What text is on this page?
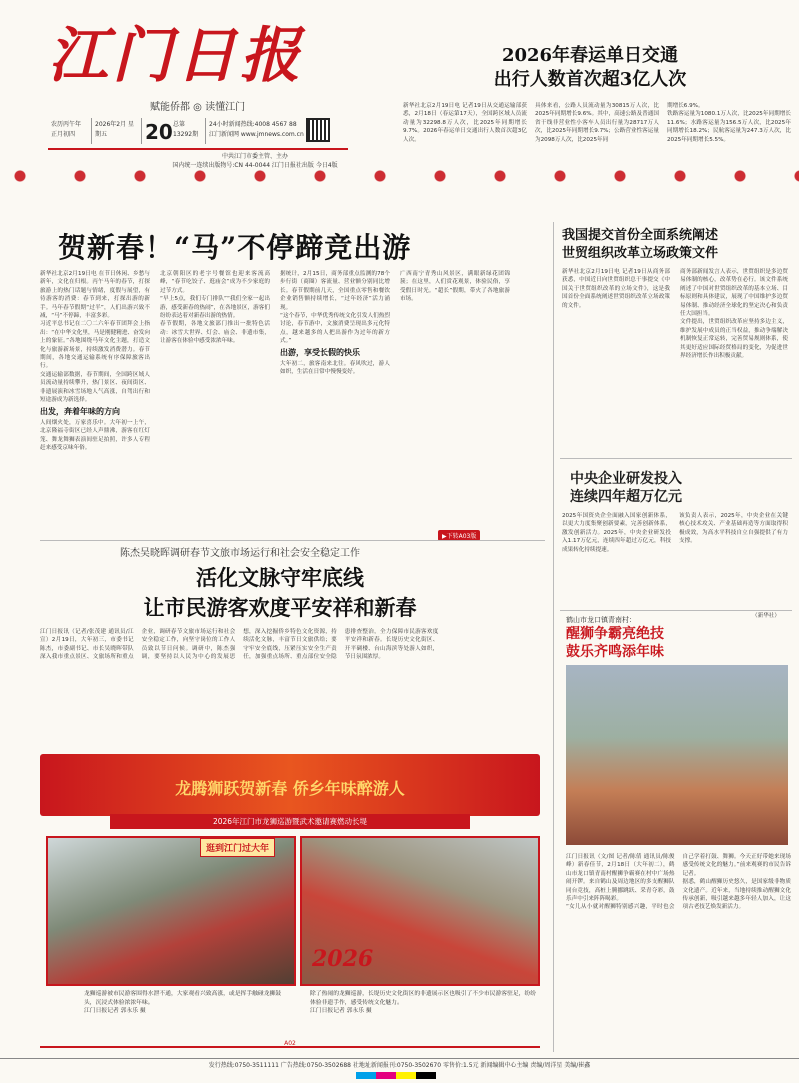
江门日报
赋能侨都 ◎ 读懂江门
农历丙午年 正月初四
2026年2月 星期五	20 总第 13292期
24小时新闻热线:4008 4567 88
江门新闻网 www.jmnews.com.cn
中共江门市委主管、主办
国内统一连续出版物号:CN 44-0044 江门日报社出版 今日4版
2026年春运单日交通
出行人数首次超3亿人次
新华社北京2月19日电 记者19日从交通运输部获悉，2月18日（春运第17天），全国跨区域人员流动量为32298.8万人次，比2025年同期增长9.7%。2026年春运单日交通出行人数首次超3亿人次。
具体来看，公路人员流动量为30815万人次，比2025年同期增长9.6%。其中，高速公路及普通国省干线非营业性小客车人员出行量为28717万人次，比2025年同期增长9.7%；公路营业性客运量为2098万人次，比2025年同
期增长6.9%。
铁路客运量为1080.1万人次，比2025年同期增长11.6%；水路客运量为156.5万人次，比2025年同期增长18.2%；民航客运量为247.3万人次，比2025年同期增长5.5%。
贺新春！“马”不停蹄竞出游

新华社北京2月19日电 在节日休闲、乡愁与新年，文化在归根。丙午马年的春节，打探旅游上的热门话题与情绪，度假与展望，有待游客的消费：春节到来，打探出游的新手。马年春节假期“过半”，人们出游兴致不减，“马”不停蹄，丰富多彩。

习近平总书记在二〇二六年春节团拜会上指出：“在中华文化里，马是刚健精进、奋发向上的象征。”各地围绕马年文化主题，打造文化与旅游新场景，持续激发消费潜力。春节期间，各地交通运输系统有序保障旅客出行。

交通运输部数据，春节期间，全国跨区域人员流动量持续攀升，热门景区、夜间街区、非遗展演和冰雪场地人气高涨，自驾出行和短途游成为新选择。

出发，奔着年味的方向

人间烟火处，万家喜乐中。大年初一上午，北京隆福寺街区已经人声鼎沸，游客在红灯笼、舞龙舞狮表演间驻足拍照，许多人专程赶来感受京味年俗。

北京朝阳区的老字号餐馆也迎来客流高峰，“春节吃饺子、逛庙会”成为不少家庭的过节方式。

“早上5点，我们专门排队”“我们全家一起出游，感受新春的热闹”，在各地景区，游客们纷纷表达着对新春出游的热情。

春节假期，各地文旅部门推出一批特色活动：冰雪大世界、灯会、庙会、非遗市集，让游客在体验中感受浓浓年味。

据统计，2月15日，商务部重点监测的78个步行街（商圈）客流量、营业额分别同比增长。春节假期前几天，全国重点零售和餐饮企业销售额持续增长，“过年经济”活力涌现。

“这个春节，中华优秀传统文化引发人们热烈讨论，春节游中，文旅消费呈现出多元化特点，越来越多的人把出游作为过年的新方式。”

出游，享受长假的快乐

大年初二，旅客南来北往。春风吹过，游人如织，生活在日常中慢慢变好。

广西南宁青秀山风景区，满眼新绿花团锦簇；在这里，人们赏花观景，体验民俗，享受假日时光。“超长”假期，带火了各地旅游市场。

▶下转A03版
我国提交首份全面系统阐述
世贸组织改革立场政策文件
新华社北京2月19日电 记者19日从商务部获悉，中国近日向世贸组织总干事提交《中国关于世贸组织改革的立场文件》，这是我国首份全面系统阐述世贸组织改革立场政策的文件。
商务部新闻发言人表示，世贸组织是多边贸易体制的核心，改革势在必行。该文件系统阐述了中国对世贸组织改革的基本立场、目标原则和具体建议，展现了中国维护多边贸易体制、推动经济全球化的坚定决心和负责任大国担当。
文件提出，世贸组织改革应坚持多边主义，维护发展中成员的正当权益，推动争端解决机制恢复正常运转，完善贸易规则体系，使其更好适应国际经贸格局的变化，为促进世界经济增长作出积极贡献。
中央企业研发投入
连续四年超万亿元
2025年国资央企全面融入国家创新体系，以更大力度集聚创新要素，完善创新体系，激发创新活力。2025年，中央企业研发投入1.17万亿元，连续四年超过万亿元，科技成果转化持续提速。
该负责人表示，2025年，中央企业在关键核心技术攻关、产业基础再造等方面取得积极成效，为高水平科技自立自强提供了有力支撑。
（新华社）
陈杰吴晓晖调研春节文旅市场运行和社会安全稳定工作
活化文脉守牢底线
让市民游客欢度平安祥和新春
江门日报讯（记者/张茂建 通讯员/江宣）2月19日，大年初三，市委书记陈杰，市委副书记、市长吴晓晖带队深入我市重点景区、文旅场所和重点企业，调研春节文旅市场运行和社会安全稳定工作，向坚守岗位的工作人员致以节日问候。调研中，陈杰强调，要坚持以人民为中心的发展思想，深入挖掘侨乡特色文化资源，持续活化文脉，丰富节日文旅供给；要守牢安全底线，压紧压实安全生产责任，加强重点场所、重点部位安全隐患排查整治，全力保障市民游客欢度平安祥和新春。长堤历史文化街区、开平碉楼、台山海滨等处游人如织，节日氛围浓厚。
鹤山市龙口镇青南村：
醒狮争霸亮绝技
鼓乐齐鸣添年味
江门日报讯（文/图 记者/陈倩 通讯员/陈俊峰）新春佳节，2月18日（大年初二），鹤山市龙口镇青南村醒狮争霸赛在村中广场热闹开锣。来自鹤山及周边地区的多支醒狮队同台竞技，高桩上腾挪跳跃、采青夺彩，鼓乐声中引来阵阵喝彩。
“女儿从小就对醒狮特别感兴趣，平时也会自己学着打鼓、舞狮。今天正好带她来现场感受传统文化的魅力。”前来观赛的市民告诉记者。
据悉，鹤山醒狮历史悠久，是国家级非物质文化遗产。近年来，当地持续推动醒狮文化传承创新，吸引越来越多年轻人加入，让这项古老技艺焕发新活力。
龙腾狮跃贺新春 侨乡年味醉游人
2026年江门市龙狮巡游暨武术邀请赛燃动长堤
逛到江门过大年
2026
龙狮巡游被市民游客围得水泄不通，大家观看兴致高涨，或是挥手触碰龙狮鼓头，沉浸式体验浓浓年味。
江门日报记者 郭永乐 摄
除了热闹的龙狮巡游，长堤历史文化街区的非遗展示区也吸引了不少市民游客驻足，纷纷体验非遗手作，感受传统文化魅力。
江门日报记者 郭永乐 摄
A02
发行热线:0750-3511111 广告热线:0750-3502688 社地址新闻报刊:0750-3502670 零售价:1.5元 新闻编辑中心主编 责编/周洋星 美编/崔鑫
